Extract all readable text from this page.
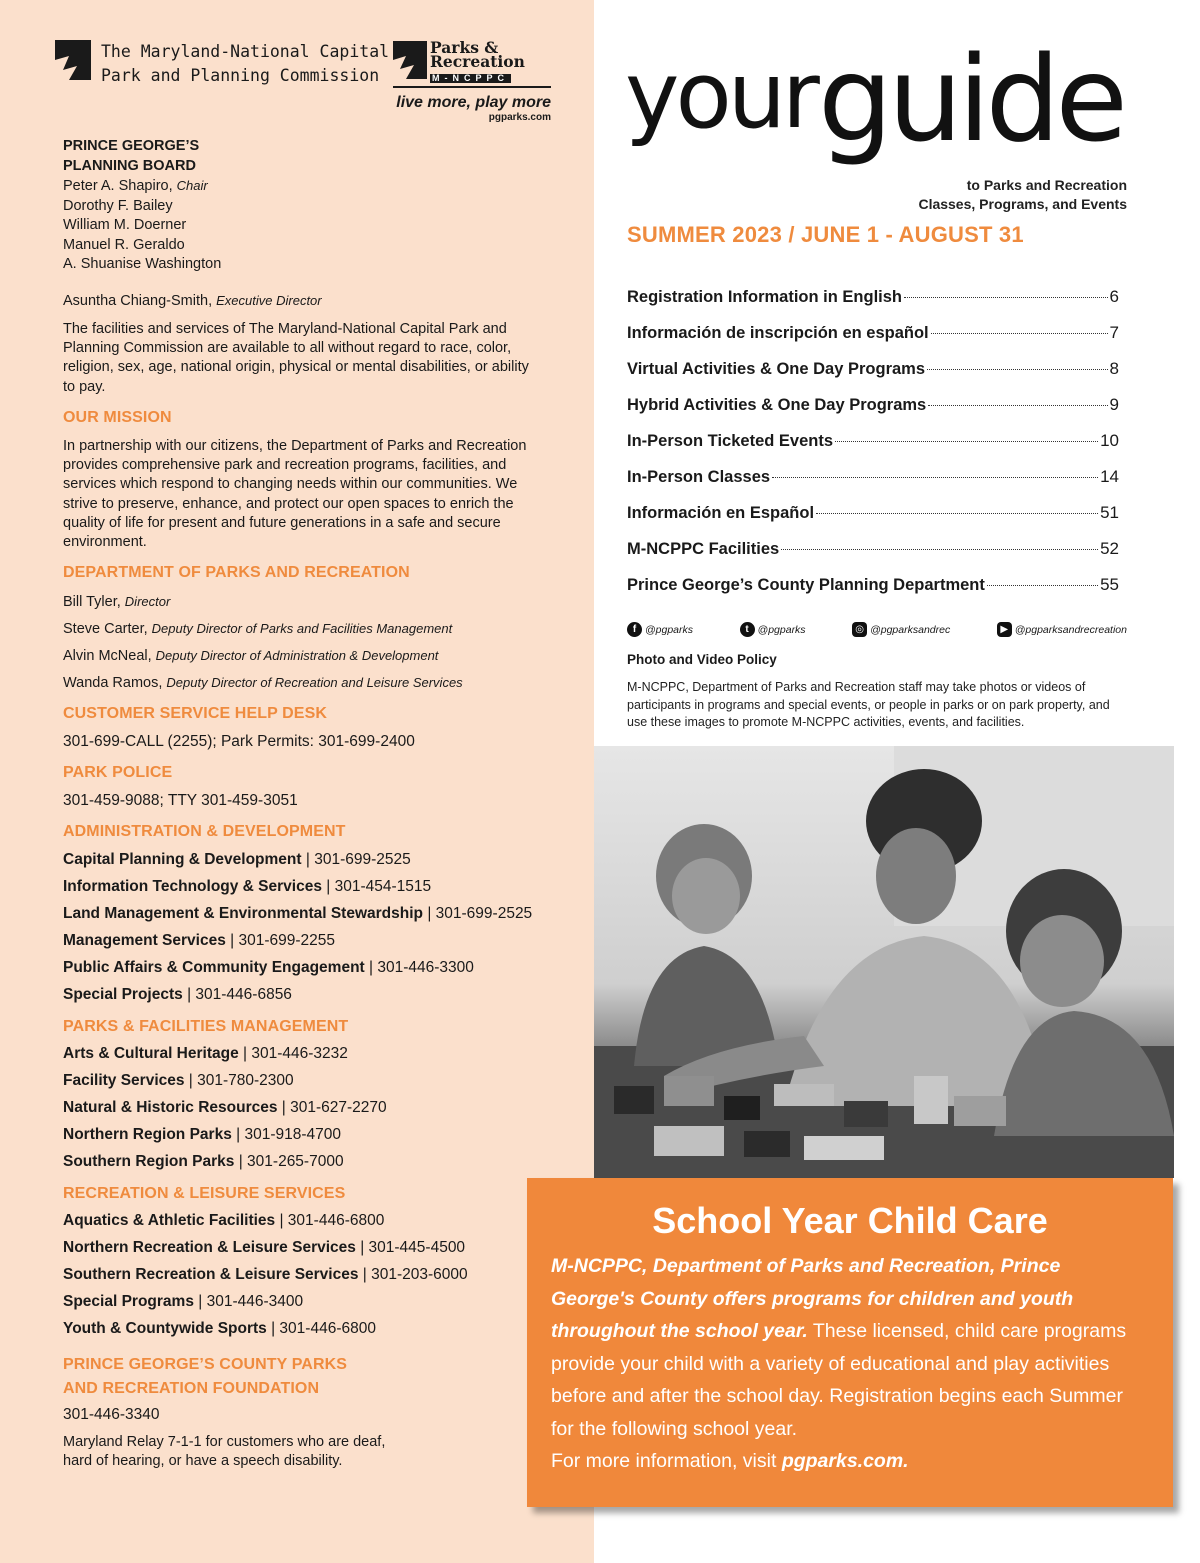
The Maryland-National Capital
Park and Planning Commission
Parks &
Recreation
M-NCPPC
live more, play more
pgparks.com
PRINCE GEORGE’S
PLANNING BOARD
Peter A. Shapiro, Chair
Dorothy F. Bailey
William M. Doerner
Manuel R. Geraldo
A. Shuanise Washington
Asuntha Chiang-Smith, Executive Director
The facilities and services of The Maryland-National Capital Park and Planning Commission are available to all without regard to race, color, religion, sex, age, national origin, physical or mental disabilities, or ability to pay.
OUR MISSION
In partnership with our citizens, the Department of Parks and Recreation provides comprehensive park and recreation programs, facilities, and services which respond to changing needs within our communities. We strive to preserve, enhance, and protect our open spaces to enrich the quality of life for present and future generations in a safe and secure environment.
DEPARTMENT OF PARKS AND RECREATION
Bill Tyler, Director
Steve Carter, Deputy Director of Parks and Facilities Management
Alvin McNeal, Deputy Director of Administration & Development
Wanda Ramos, Deputy Director of Recreation and Leisure Services
CUSTOMER SERVICE HELP DESK
301-699-CALL (2255); Park Permits: 301-699-2400
PARK POLICE
301-459-9088; TTY 301-459-3051
ADMINISTRATION & DEVELOPMENT
Capital Planning & Development | 301-699-2525
Information Technology & Services | 301-454-1515
Land Management & Environmental Stewardship | 301-699-2525
Management Services | 301-699-2255
Public Affairs & Community Engagement | 301-446-3300
Special Projects | 301-446-6856
PARKS & FACILITIES MANAGEMENT
Arts & Cultural Heritage | 301-446-3232
Facility Services | 301-780-2300
Natural & Historic Resources | 301-627-2270
Northern Region Parks | 301-918-4700
Southern Region Parks | 301-265-7000
RECREATION & LEISURE SERVICES
Aquatics & Athletic Facilities | 301-446-6800
Northern Recreation & Leisure Services | 301-445-4500
Southern Recreation & Leisure Services | 301-203-6000
Special Programs | 301-446-3400
Youth & Countywide Sports | 301-446-6800
PRINCE GEORGE’S COUNTY PARKS
AND RECREATION FOUNDATION
301-446-3340
Maryland Relay 7-1-1 for customers who are deaf, hard of hearing, or have a speech disability.
your guide
to Parks and Recreation
Classes, Programs, and Events
SUMMER 2023 / JUNE 1 - AUGUST 31
Registration Information in English	6
Información de inscripción en español	7
Virtual Activities & One Day Programs	8
Hybrid Activities & One Day Programs	9
In-Person Ticketed Events	10
In-Person Classes	14
Información en Español	51
M-NCPPC Facilities	52
Prince George’s County Planning Department	55
f @pgparks	t @pgparks	◎ @pgparksandrec	▶ @pgparksandrecreation
Photo and Video Policy
M-NCPPC, Department of Parks and Recreation staff may take photos or videos of participants in programs and special events, or people in parks or on park property, and use these images to promote M-NCPPC activities, events, and facilities.
School Year Child Care
M-NCPPC, Department of Parks and Recreation, Prince George's County offers programs for children and youth throughout the school year. These licensed, child care programs provide your child with a variety of educational and play activities before and after the school day. Registration begins each Summer for the following school year.
For more information, visit pgparks.com.
